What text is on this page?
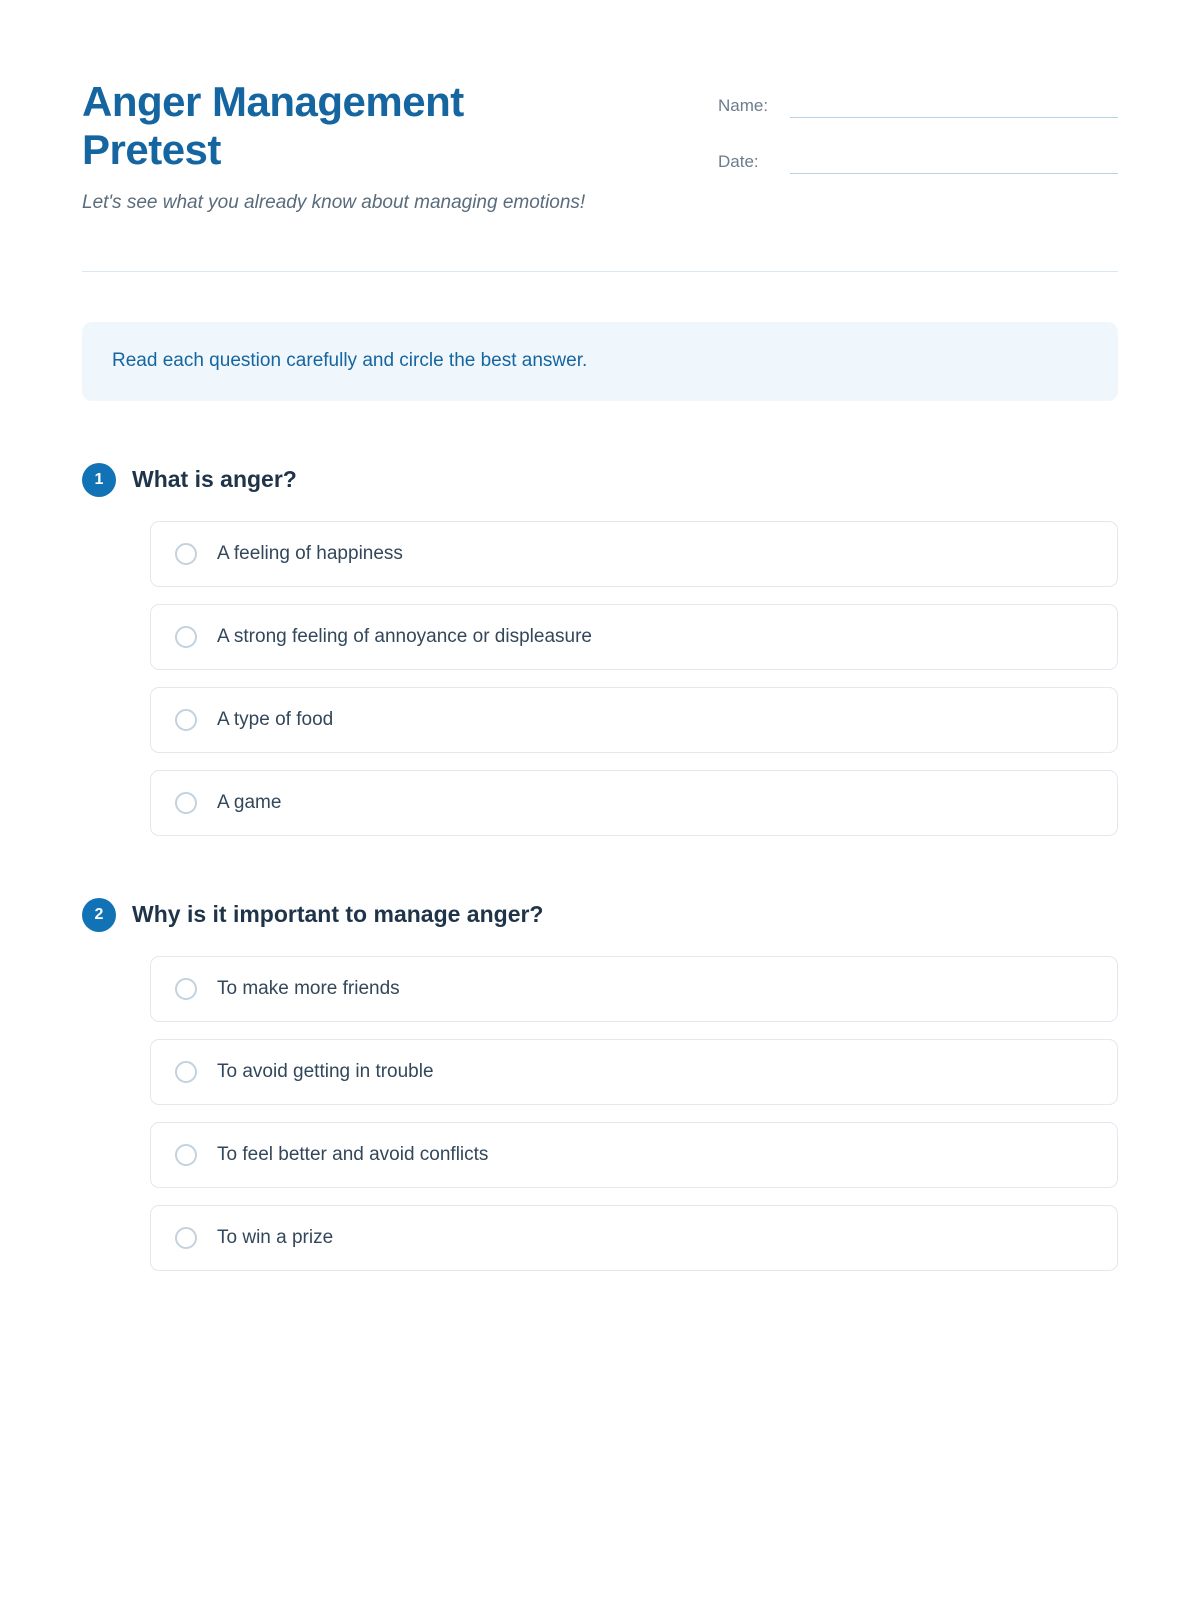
Anger Management Pretest

Let's see what you already know about managing emotions!

Name:
Date:
Read each question carefully and circle the best answer.
1	What is anger?
A feeling of happiness
A strong feeling of annoyance or displeasure
A type of food
A game
2	Why is it important to manage anger?
To make more friends
To avoid getting in trouble
To feel better and avoid conflicts
To win a prize
